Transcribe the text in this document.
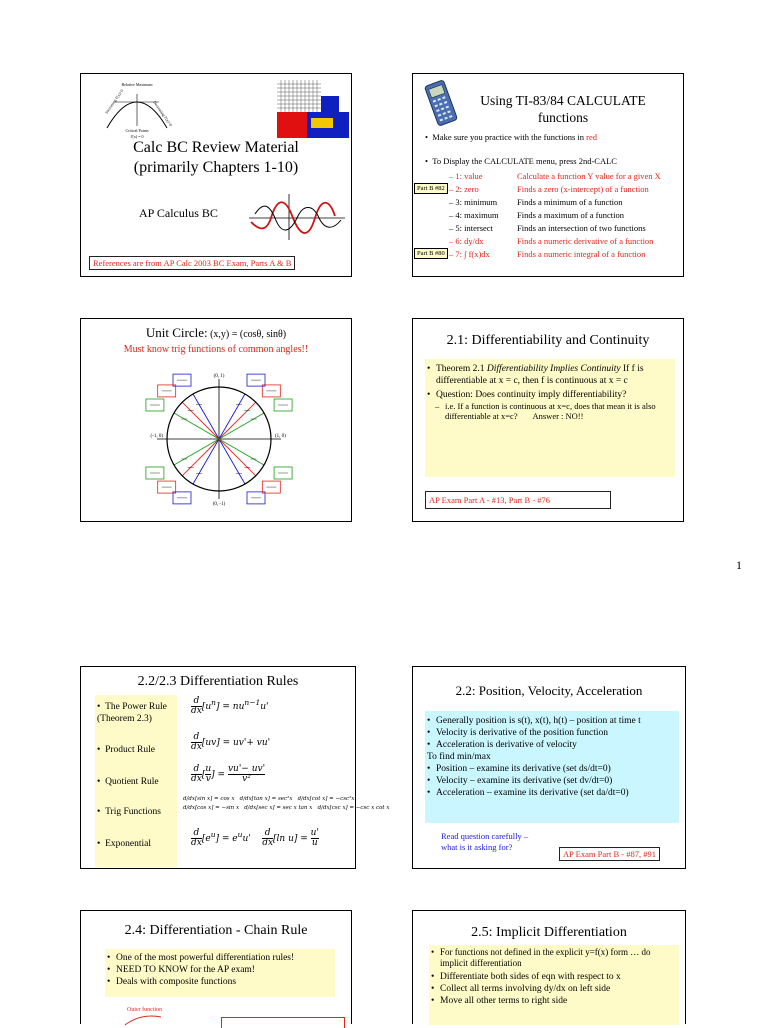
Relative Maximum
Increasing f'(x)>0	Decreasing f'(x)<0
Critical Points
f'(x) = 0
Calc BC Review Material
(primarily Chapters 1-10)
AP Calculus BC
References are from AP Calc 2003 BC Exam, Parts A & B
Using TI-83/84 CALCULATE
functions
•  Make sure you practice with the functions in red
•  To Display the CALCULATE menu, press 2nd-CALC
– 1: value	Calculate a function Y value for a given X
Part B #82 – 2: zero	Finds a zero (x-intercept) of a function
– 3: minimum Finds a minimum of a function
– 4: maximum Finds a maximum of a function
– 5: intersect	Finds an intersection of two functions
– 6: dy/dx	Finds a numeric derivative of a function
Part B #80 – 7: ∫ f(x)dx	Finds a numeric integral of a function
Unit Circle: (x,y) = (cosθ, sinθ)
Must know trig functions of common angles!!
(1, 0)
(-1, 0)
(0, 1)
(0, -1)
2.1: Differentiability and Continuity
• Theorem 2.1 Differentiability Implies Continuity If f is differentiable at x = c, then f is continuous at x = c
• Question: Does continuity imply differentiability?
– i.e. If a function is continuous at x=c, does that mean it is also differentiable at x=c? Answer : NO!!
AP Exam Part A - #13, Part B - #76
1
2.2/2.3 Differentiation Rules
•  The Power Rule
(Theorem 2.3)
•  Product Rule
•  Quotient Rule
•  Trig Functions
•  Exponential
$\frac{d}{dx} [u^n] = nu^{n-1}u'$
$\frac{d}{dx} [uv] = uv'+ vu'$
$\frac{d}{dx}$ [ $\frac{u}{v}$ ] = $\frac{vu'- uv'}{\text{v²}}$
d/dx[sin x] = cos x   d/dx[tan x] = sec²x   d/dx[cot x] = −csc²x
d/dx[cos x] = −sin x   d/dx[sec x] = sec x tan x   d/dx[csc x] = −csc x cot x
$\frac{d}{dx} [e^u] = e^uu' \frac{d}{dx} [\ln$ $u] = \frac{u'}{u}$
2.2: Position, Velocity, Acceleration
• Generally position is s(t), x(t), h(t) – position at time t
• Velocity is derivative of the position function
• Acceleration is derivative of velocity
To find min/max
• Position – examine its derivative (set ds/dt=0)
• Velocity – examine its derivative (set dv/dt=0)
• Acceleration – examine its derivative (set da/dt=0)
Read question carefully –
what is it asking for?
AP Exam Part B - #87, #91
2.4: Differentiation - Chain Rule
• One of the most powerful differentiation rules!
• NEED TO KNOW for the AP exam!
• Deals with composite functions
Outer function
2.5: Implicit Differentiation
• For functions not defined in the explicit y=f(x) form … do implicit differentiation
• Differentiate both sides of eqn with respect to x
• Collect all terms involving dy/dx on left side
• Move all other terms to right side
